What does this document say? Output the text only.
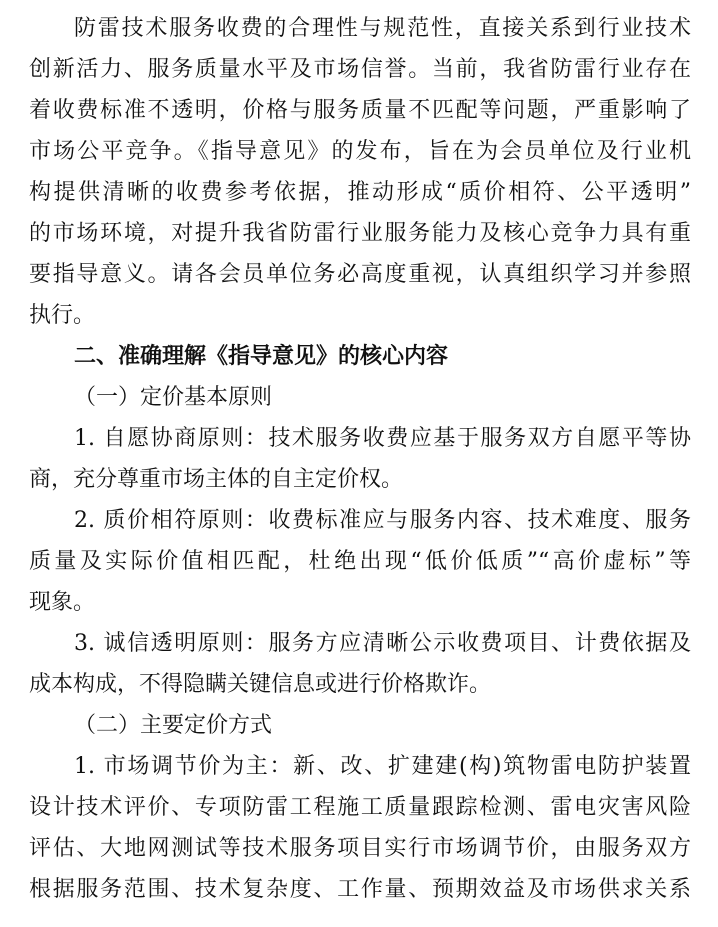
防雷技术服务收费的合理性与规范性，直接关系到行业技术
创新活力、服务质量水平及市场信誉。当前，我省防雷行业存在
着收费标准不透明，价格与服务质量不匹配等问题，严重影响了
市场公平竞争。《指导意见》的发布，旨在为会员单位及行业机
构提供清晰的收费参考依据，推动形成“质价相符、公平透明”
的市场环境，对提升我省防雷行业服务能力及核心竞争力具有重
要指导意义。请各会员单位务必高度重视，认真组织学习并参照
执行。
二、准确理解《指导意见》的核心内容
（一）定价基本原则
1. 自愿协商原则：技术服务收费应基于服务双方自愿平等协
商，充分尊重市场主体的自主定价权。
2. 质价相符原则：收费标准应与服务内容、技术难度、服务
质量及实际价值相匹配，杜绝出现“低价低质”“高价虚标”等
现象。
3. 诚信透明原则：服务方应清晰公示收费项目、计费依据及
成本构成，不得隐瞒关键信息或进行价格欺诈。
（二）主要定价方式
1. 市场调节价为主：新、改、扩建建(构)筑物雷电防护装置
设计技术评价、专项防雷工程施工质量跟踪检测、雷电灾害风险
评估、大地网测试等技术服务项目实行市场调节价，由服务双方
根据服务范围、技术复杂度、工作量、预期效益及市场供求关系
